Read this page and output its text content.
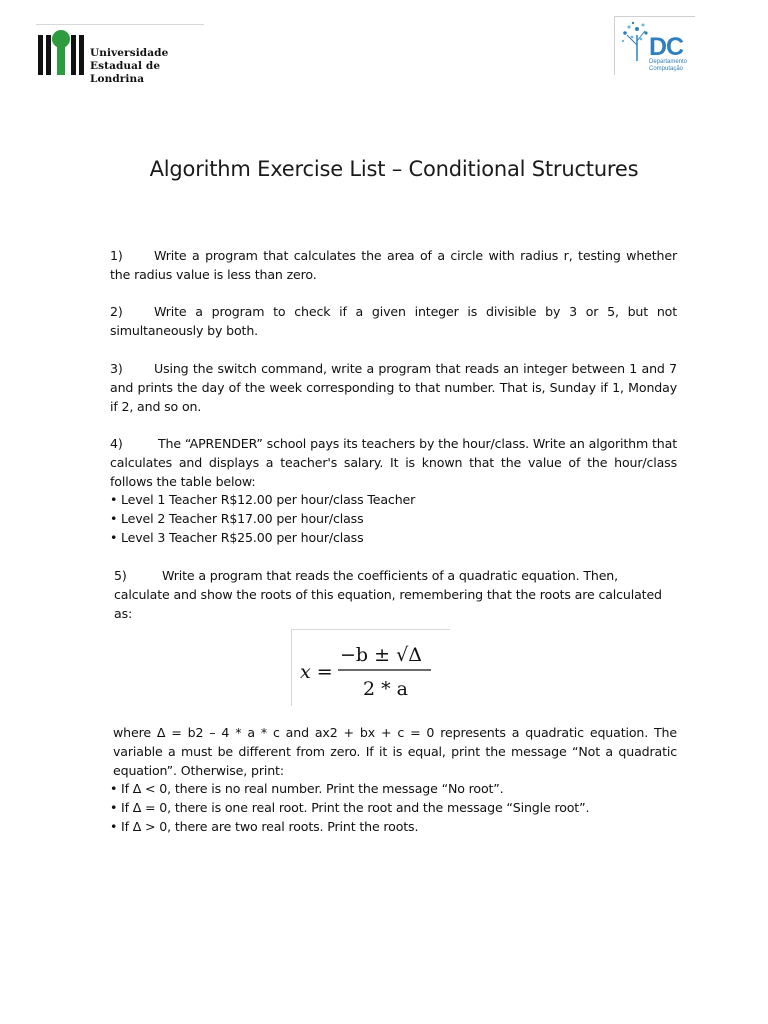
Universidade
Estadual de Londrina
DC
Departamento
Computação
Algorithm Exercise List – Conditional Structures
1) Write a program that calculates the area of a circle with radius r, testing whether the radius value is less than zero.
2) Write a program to check if a given integer is divisible by 3 or 5, but not simultaneously by both.
3) Using the switch command, write a program that reads an integer between 1 and 7 and prints the day of the week corresponding to that number. That is, Sunday if 1, Monday if 2, and so on.
4)	The “APRENDER” school pays its teachers by the hour/class. Write an algorithm that calculates and displays a teacher's salary. It is known that the value of the hour/class follows the table below:
• Level 1 Teacher R$12.00 per hour/class Teacher
• Level 2 Teacher R$17.00 per hour/class
• Level 3 Teacher R$25.00 per hour/class
5)	Write a program that reads the coefficients of a quadratic equation. Then, calculate and show the roots of this equation, remembering that the roots are calculated as:
x =
−b ± √Δ
2 * a
where Δ = b2 – 4 * a * c and ax2 + bx + c = 0 represents a quadratic equation. The variable a must be different from zero. If it is equal, print the message “Not a quadratic equation”. Otherwise, print:
• If Δ < 0, there is no real number. Print the message “No root”.
• If Δ = 0, there is one real root. Print the root and the message “Single root”.
• If Δ > 0, there are two real roots. Print the roots.
